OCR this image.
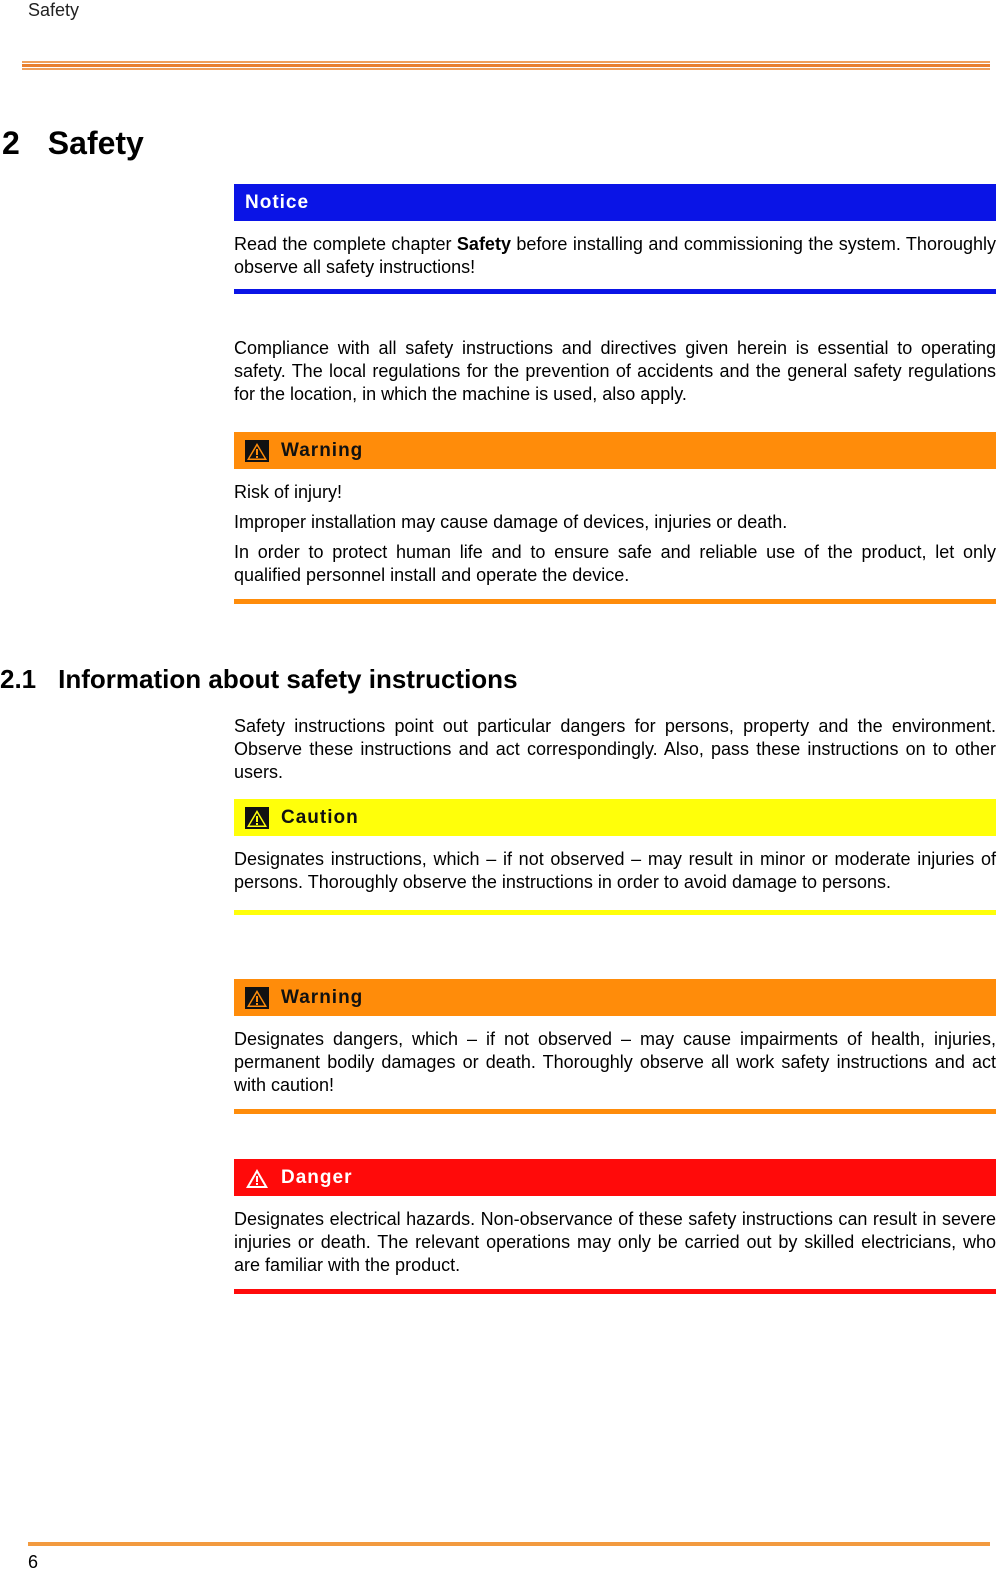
Safety
2 Safety
Notice

Read the complete chapter Safety before installing and commissioning the system. Thoroughly observe all safety instructions!

Compliance with all safety instructions and directives given herein is essential to operating safety. The local regulations for the prevention of accidents and the general safety regulations for the location, in which the machine is used, also apply.

Warning

Risk of injury!

Improper installation may cause damage of devices, injuries or death.

In order to protect human life and to ensure safe and reliable use of the product, let only qualified personnel install and operate the device.

2.1 Information about safety instructions

Safety instructions point out particular dangers for persons, property and the environment. Observe these instructions and act correspondingly. Also, pass these instructions on to other users.

Caution

Designates instructions, which – if not observed – may result in minor or moderate injuries of persons. Thoroughly observe the instructions in order to avoid damage to persons.

Warning

Designates dangers, which – if not observed – may cause impairments of health, injuries, permanent bodily damages or death. Thoroughly observe all work safety instructions and act with caution!

Danger

Designates electrical hazards. Non-observance of these safety instructions can result in severe injuries or death. The relevant operations may only be carried out by skilled electricians, who are familiar with the product.

6
